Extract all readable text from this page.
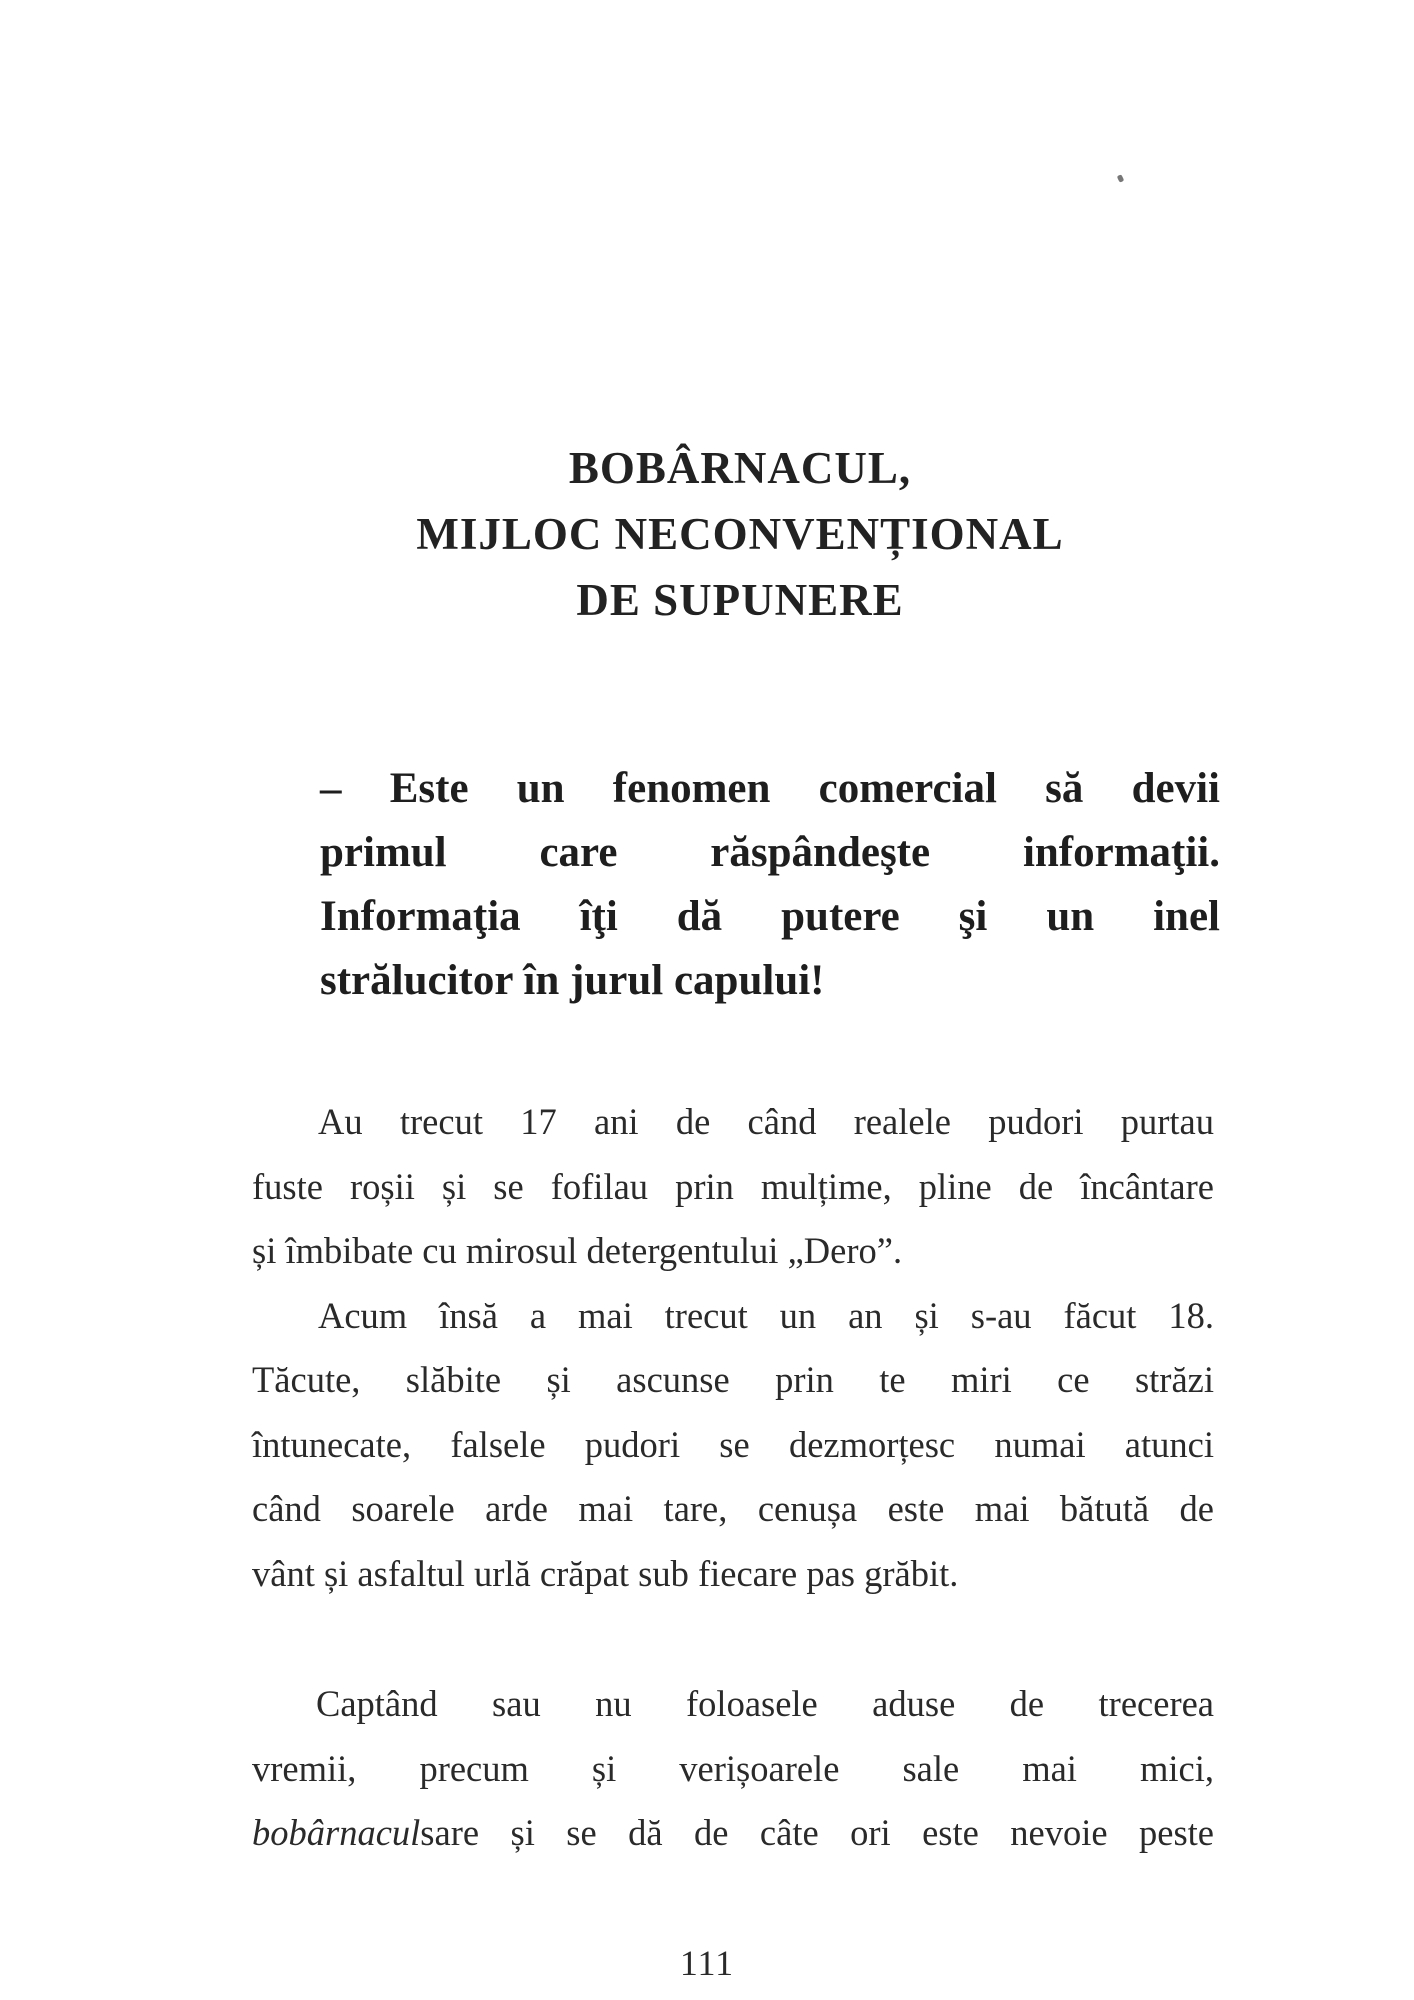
BOBÂRNACUL,
MIJLOC NECONVENȚIONAL
DE SUPUNERE
– Este un fenomen comercial să devii
primul care răspândeşte informaţii.
Informaţia îţi dă putere şi un inel
strălucitor în jurul capului!
Au trecut 17 ani de când realele pudori purtau
fuste roșii și se fofilau prin mulțime, pline de încântare
și îmbibate cu mirosul detergentului „Dero”.
Acum însă a mai trecut un an și s-au făcut 18.
Tăcute, slăbite și ascunse prin te miri ce străzi
întunecate, falsele pudori se dezmorțesc numai atunci
când soarele arde mai tare, cenușa este mai bătută de
vânt și asfaltul urlă crăpat sub fiecare pas grăbit.
Captând sau nu foloasele aduse de trecerea
vremii, precum și verișoarele sale mai mici,
bobârnaculsare și se dă de câte ori este nevoie peste
111
